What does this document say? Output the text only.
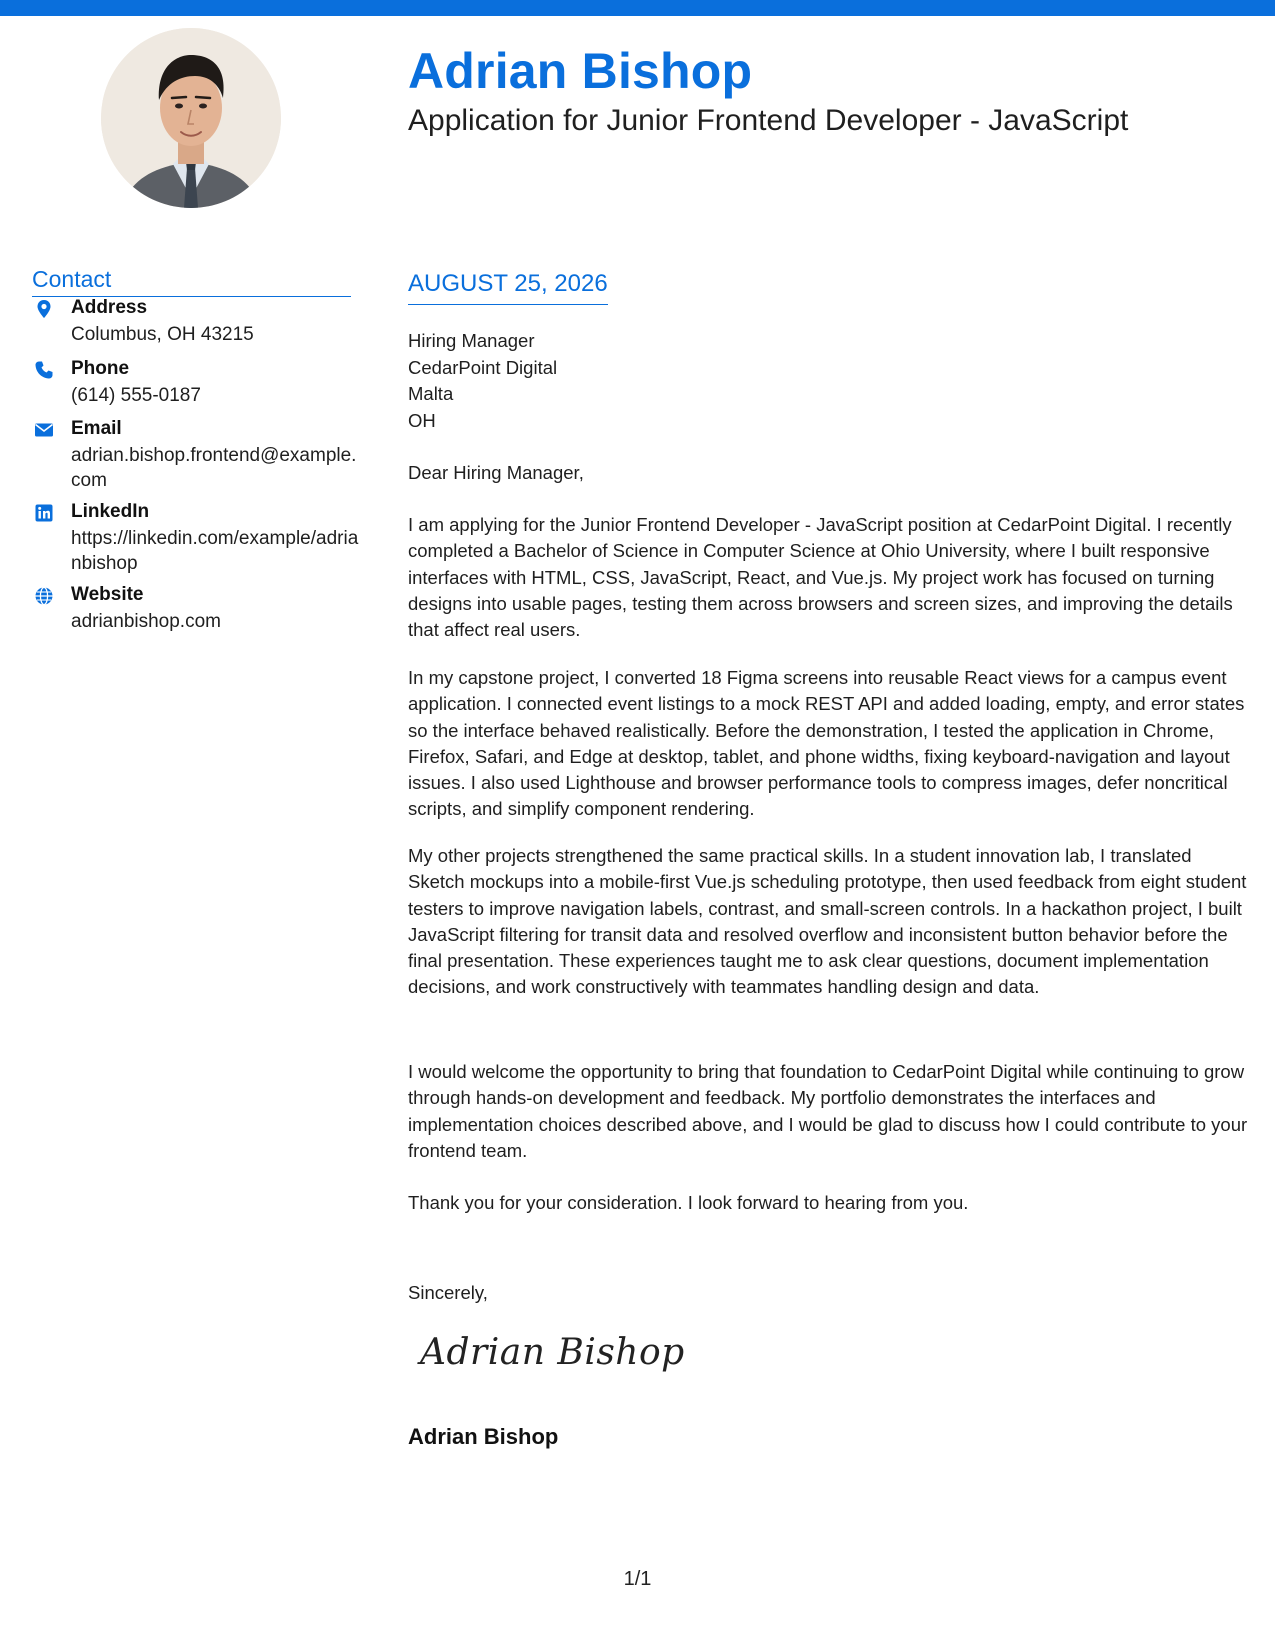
Adrian Bishop
Application for Junior Frontend Developer - JavaScript
Contact
Address
Columbus, OH 43215
Phone
(614) 555-0187
Email
adrian.bishop.frontend@example.com
LinkedIn
https://linkedin.com/example/adrianbishop
Website
adrianbishop.com
AUGUST 25, 2026
Hiring Manager
CedarPoint Digital
Malta
OH
Dear Hiring Manager,

I am applying for the Junior Frontend Developer - JavaScript position at CedarPoint Digital. I recently completed a Bachelor of Science in Computer Science at Ohio University, where I built responsive interfaces with HTML, CSS, JavaScript, React, and Vue.js. My project work has focused on turning designs into usable pages, testing them across browsers and screen sizes, and improving the details that affect real users.

In my capstone project, I converted 18 Figma screens into reusable React views for a campus event application. I connected event listings to a mock REST API and added loading, empty, and error states so the interface behaved realistically. Before the demonstration, I tested the application in Chrome, Firefox, Safari, and Edge at desktop, tablet, and phone widths, fixing keyboard-navigation and layout issues. I also used Lighthouse and browser performance tools to compress images, defer noncritical scripts, and simplify component rendering.

My other projects strengthened the same practical skills. In a student innovation lab, I translated Sketch mockups into a mobile-first Vue.js scheduling prototype, then used feedback from eight student testers to improve navigation labels, contrast, and small-screen controls. In a hackathon project, I built JavaScript filtering for transit data and resolved overflow and inconsistent button behavior before the final presentation. These experiences taught me to ask clear questions, document implementation decisions, and work constructively with teammates handling design and data.

I would welcome the opportunity to bring that foundation to CedarPoint Digital while continuing to grow through hands-on development and feedback. My portfolio demonstrates the interfaces and implementation choices described above, and I would be glad to discuss how I could contribute to your frontend team.

Thank you for your consideration. I look forward to hearing from you.

Sincerely,
Adrian Bishop
Adrian Bishop
1/1
